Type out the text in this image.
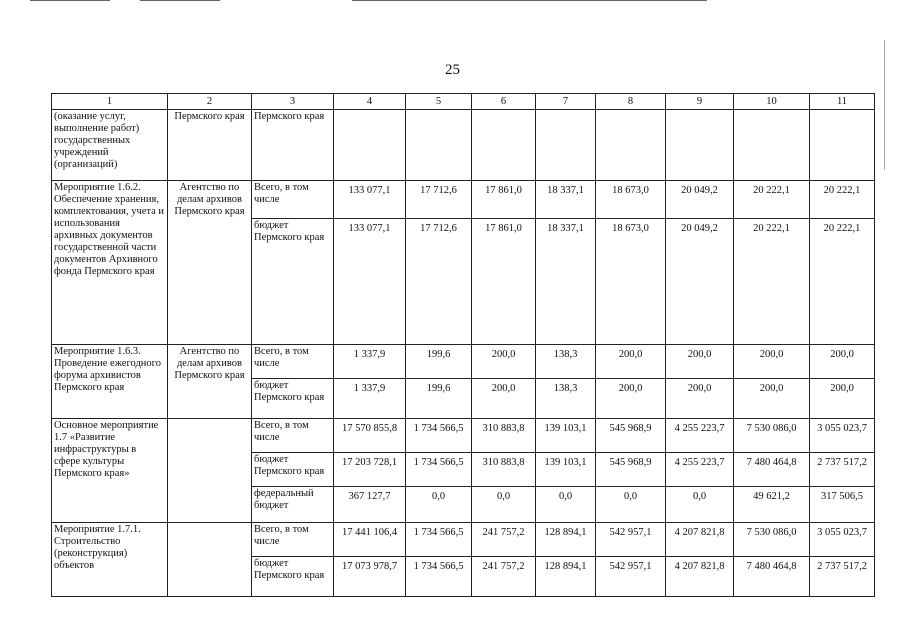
25
1	2	3	4	5	6	7	8	9	10	11
(оказание услуг, выполнение работ) государственных учреждений (организаций)	Пермского края	Пермского края								
Мероприятие 1.6.2. Обеспечение хранения, комплектования, учета и использования архивных документов государственной части документов Архивного фонда Пермского края	Агентство по делам архивов Пермского края	Всего, в том числе	133 077,1	17 712,6	17 861,0	18 337,1	18 673,0	20 049,2	20 222,1	20 222,1
		бюджет Пермского края	133 077,1	17 712,6	17 861,0	18 337,1	18 673,0	20 049,2	20 222,1	20 222,1
Мероприятие 1.6.3. Проведение ежегодного форума архивистов Пермского края	Агентство по делам архивов Пермского края	Всего, в том числе	1 337,9	199,6	200,0	138,3	200,0	200,0	200,0	200,0
		бюджет Пермского края	1 337,9	199,6	200,0	138,3	200,0	200,0	200,0	200,0
Основное мероприятие 1.7 «Развитие инфраструктуры в сфере культуры Пермского края»		Всего, в том числе	17 570 855,8	1 734 566,5	310 883,8	139 103,1	545 968,9	4 255 223,7	7 530 086,0	3 055 023,7
		бюджет Пермского края	17 203 728,1	1 734 566,5	310 883,8	139 103,1	545 968,9	4 255 223,7	7 480 464,8	2 737 517,2
		федеральный бюджет	367 127,7	0,0	0,0	0,0	0,0	0,0	49 621,2	317 506,5
Мероприятие 1.7.1. Строительство (реконструкция) объектов		Всего, в том числе	17 441 106,4	1 734 566,5	241 757,2	128 894,1	542 957,1	4 207 821,8	7 530 086,0	3 055 023,7
		бюджет Пермского края	17 073 978,7	1 734 566,5	241 757,2	128 894,1	542 957,1	4 207 821,8	7 480 464,8	2 737 517,2
